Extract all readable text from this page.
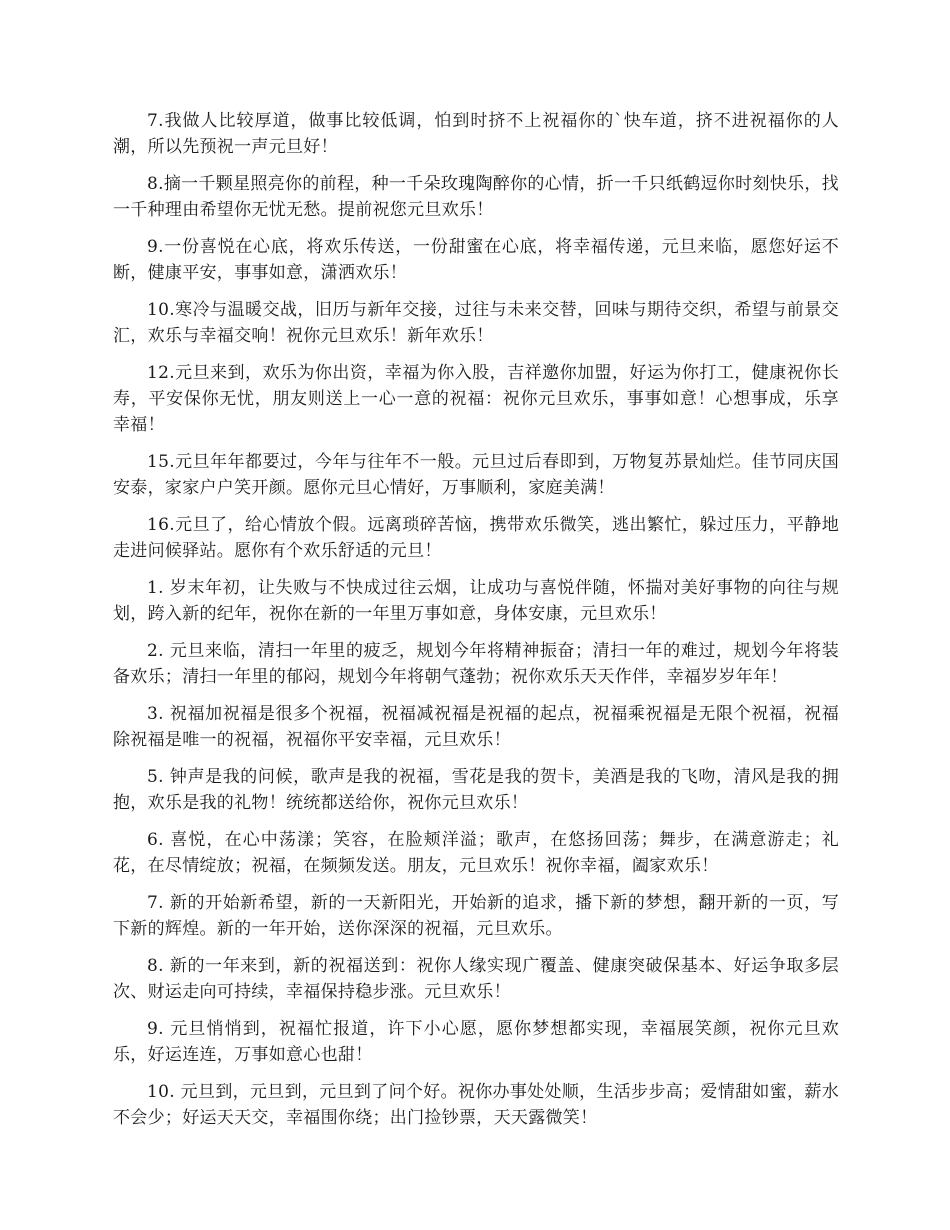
7.我做人比较厚道，做事比较低调，怕到时挤不上祝福你的`快车道，挤不进祝福你的人潮，所以先预祝一声元旦好！

8.摘一千颗星照亮你的前程，种一千朵玫瑰陶醉你的心情，折一千只纸鹤逗你时刻快乐，找一千种理由希望你无忧无愁。提前祝您元旦欢乐！

9.一份喜悦在心底，将欢乐传送，一份甜蜜在心底，将幸福传递，元旦来临，愿您好运不断，健康平安，事事如意，潇洒欢乐！

10.寒冷与温暖交战，旧历与新年交接，过往与未来交替，回味与期待交织，希望与前景交汇，欢乐与幸福交响！祝你元旦欢乐！新年欢乐！

12.元旦来到，欢乐为你出资，幸福为你入股，吉祥邀你加盟，好运为你打工，健康祝你长寿，平安保你无忧，朋友则送上一心一意的祝福：祝你元旦欢乐，事事如意！心想事成，乐享幸福！

15.元旦年年都要过，今年与往年不一般。元旦过后春即到，万物复苏景灿烂。佳节同庆国安泰，家家户户笑开颜。愿你元旦心情好，万事顺利，家庭美满！

16.元旦了，给心情放个假。远离琐碎苦恼，携带欢乐微笑，逃出繁忙，躲过压力，平静地走进问候驿站。愿你有个欢乐舒适的元旦！

1. 岁末年初，让失败与不快成过往云烟，让成功与喜悦伴随，怀揣对美好事物的向往与规划，跨入新的纪年，祝你在新的一年里万事如意，身体安康，元旦欢乐！

2. 元旦来临，清扫一年里的疲乏，规划今年将精神振奋；清扫一年的难过，规划今年将装备欢乐；清扫一年里的郁闷，规划今年将朝气蓬勃；祝你欢乐天天作伴，幸福岁岁年年！

3. 祝福加祝福是很多个祝福，祝福减祝福是祝福的起点，祝福乘祝福是无限个祝福，祝福除祝福是唯一的祝福，祝福你平安幸福，元旦欢乐！

5. 钟声是我的问候，歌声是我的祝福，雪花是我的贺卡，美酒是我的飞吻，清风是我的拥抱，欢乐是我的礼物！统统都送给你，祝你元旦欢乐！

6. 喜悦，在心中荡漾；笑容，在脸颊洋溢；歌声，在悠扬回荡；舞步，在满意游走；礼花，在尽情绽放；祝福，在频频发送。朋友，元旦欢乐！祝你幸福，阖家欢乐！

7. 新的开始新希望，新的一天新阳光，开始新的追求，播下新的梦想，翻开新的一页，写下新的辉煌。新的一年开始，送你深深的祝福，元旦欢乐。

8. 新的一年来到，新的祝福送到：祝你人缘实现广覆盖、健康突破保基本、好运争取多层次、财运走向可持续，幸福保持稳步涨。元旦欢乐！

9. 元旦悄悄到，祝福忙报道，许下小心愿，愿你梦想都实现，幸福展笑颜，祝你元旦欢乐，好运连连，万事如意心也甜！

10. 元旦到，元旦到，元旦到了问个好。祝你办事处处顺，生活步步高；爱情甜如蜜，薪水不会少；好运天天交，幸福围你绕；出门捡钞票，天天露微笑！
